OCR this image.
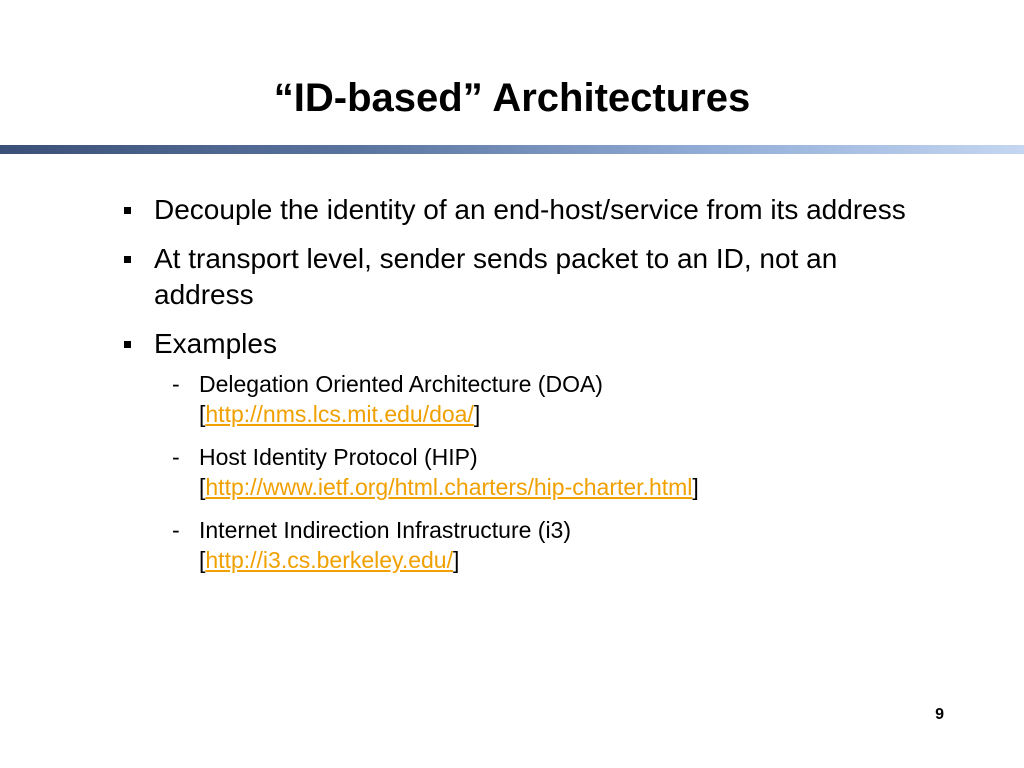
“ID-based” Architectures
Decouple the identity of an end-host/service from its address
At transport level, sender sends packet to an ID, not an address
Examples
- Delegation Oriented Architecture (DOA)
[http://nms.lcs.mit.edu/doa/]
- Host Identity Protocol (HIP)
[http://www.ietf.org/html.charters/hip-charter.html]
- Internet Indirection Infrastructure (i3)
[http://i3.cs.berkeley.edu/]
9
